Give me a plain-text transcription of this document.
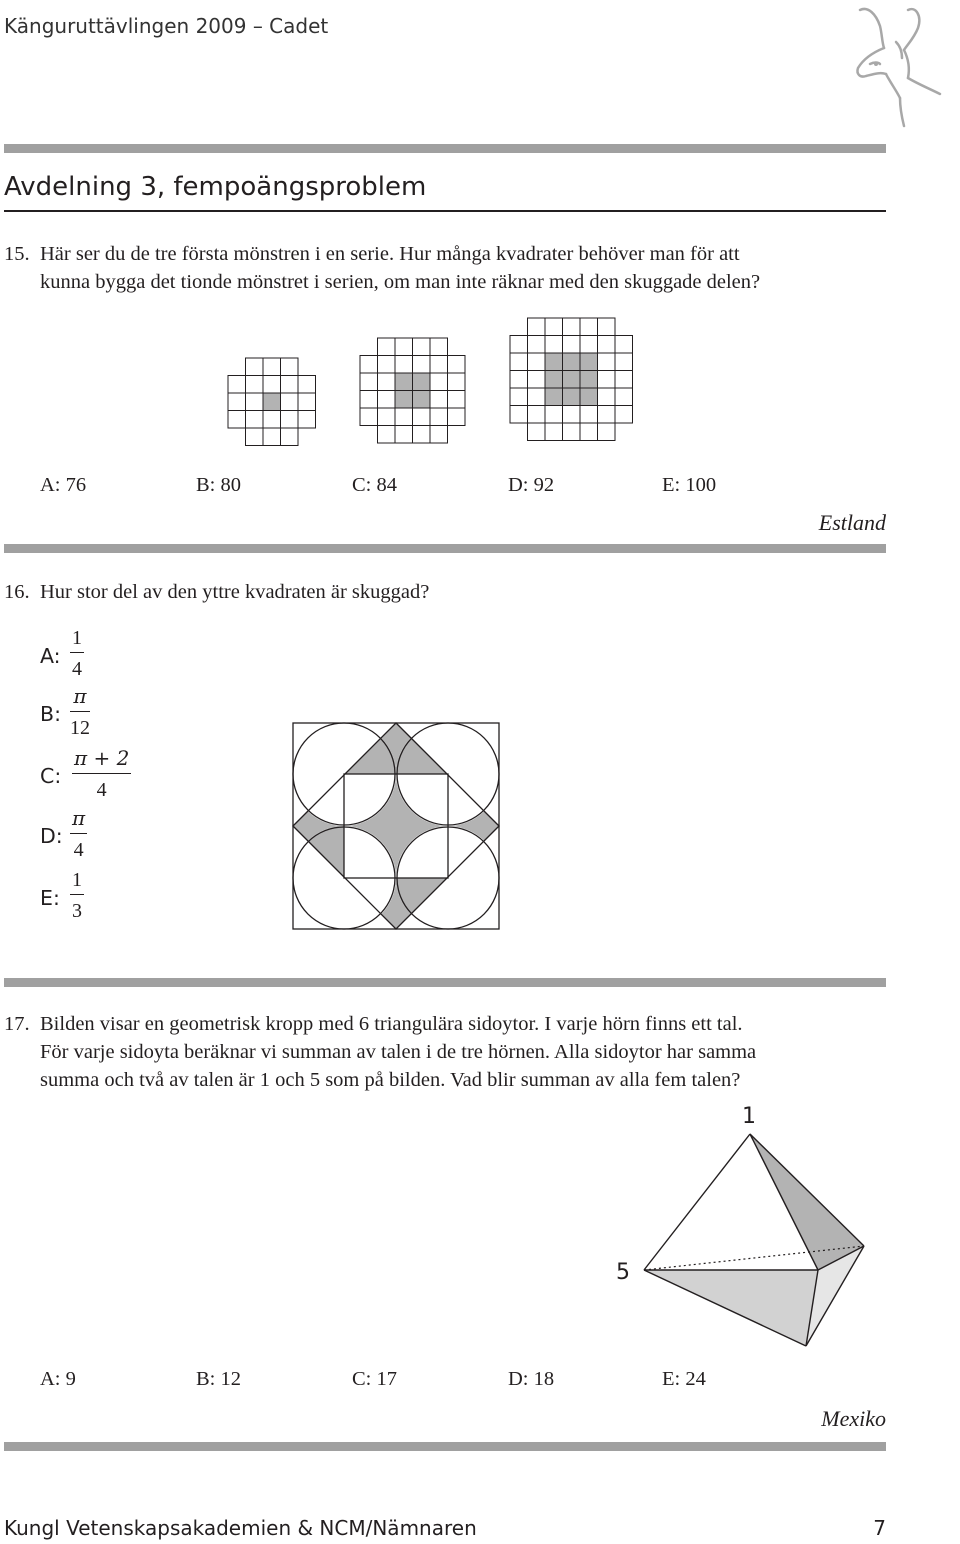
Känguruttävlingen 2009 – Cadet
Avdelning 3, fempoängsproblem
15. Här ser du de tre första mönstren i en serie. Hur många kvadrater behöver man för att
kunna bygga det tionde mönstret i serien, om man inte räknar med den skuggade delen?
A: 76	B: 80	C: 84	D: 92	E: 100
Estland
16. Hur stor del av den yttre kvadraten är skuggad?
A: $\frac{1}{4}$
B: $\frac{\pi}{12}$
C: $\frac{\pi + 2}{4}$
D: $\frac{\pi}{4}$
E: $\frac{1}{3}$
17. Bilden visar en geometrisk kropp med 6 triangulära sidoytor. I varje hörn finns ett tal.
För varje sidoyta beräknar vi summan av talen i de tre hörnen. Alla sidoytor har samma
summa och två av talen är 1 och 5 som på bilden. Vad blir summan av alla fem talen?
1
5
A: 9	B: 12	C: 17	D: 18	E: 24
Mexiko
Kungl Vetenskapsakademien & NCM/Nämnaren	7
